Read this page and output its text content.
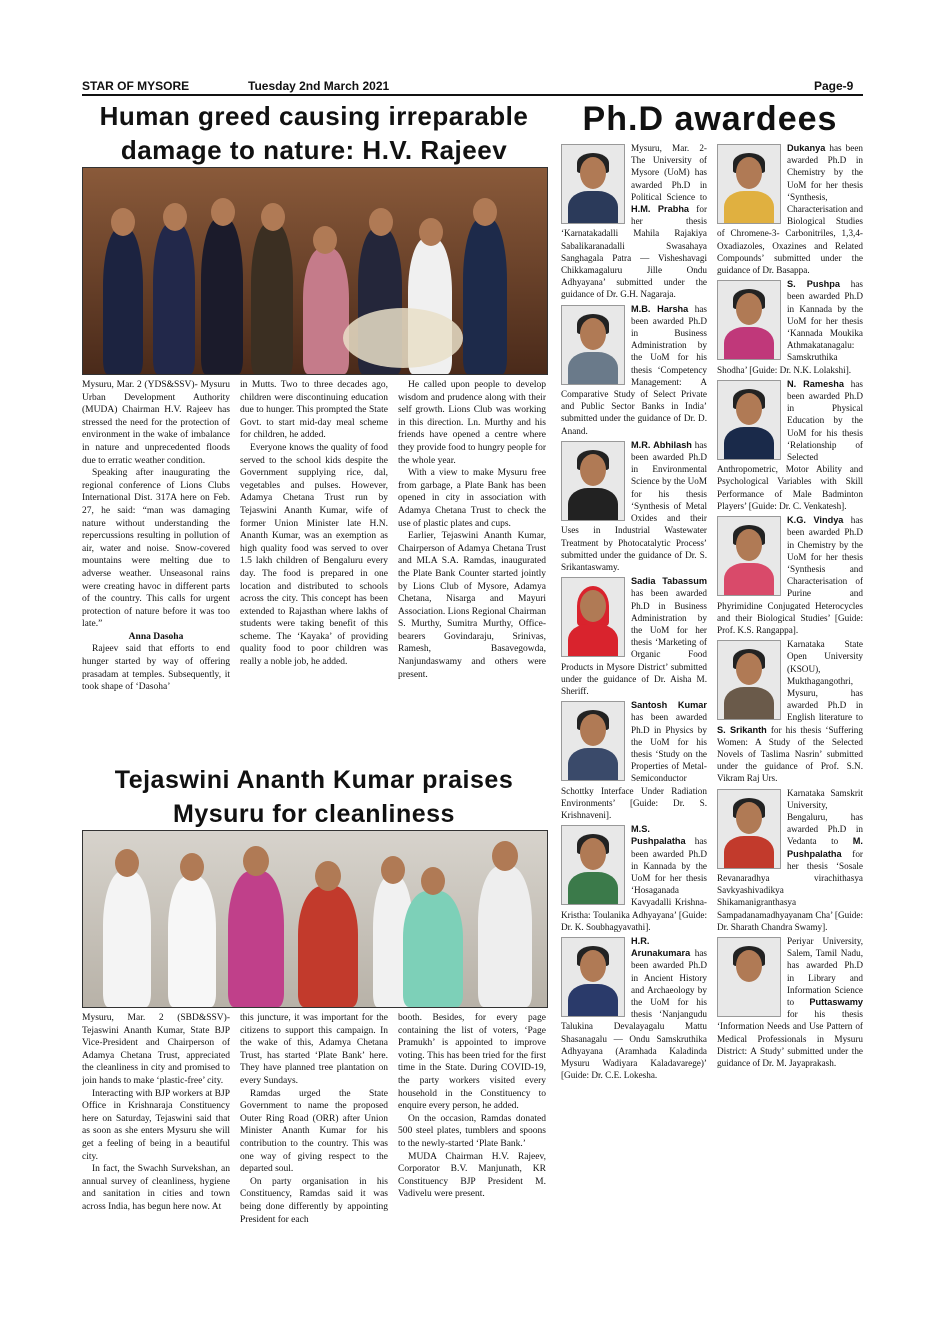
STAR OF MYSORE	Tuesday 2nd March 2021	Page-9
Human greed causing irreparable
damage to nature: H.V. Rajeev

Mysuru, Mar. 2 (YDS&SSV)- Mysuru Urban Development Authority (MUDA) Chairman H.V. Rajeev has stressed the need for the protection of environment in the wake of imbalance in nature and unprecedented floods due to erratic weather condition.

Speaking after inaugurating the regional conference of Lions Clubs International Dist. 317A here on Feb. 27, he said: “man was damaging nature without understanding the repercussions resulting in pollution of air, water and noise. Snow-covered mountains were melting due to adverse weather. Unseasonal rains were creating havoc in different parts of the country. This calls for urgent protection of nature before it was too late.”

Anna Dasoha

Rajeev said that efforts to end hunger started by way of offering prasadam at temples. Subsequently, it took shape of ‘Dasoha’

in Mutts. Two to three decades ago, children were discontinuing education due to hunger. This prompted the State Govt. to start mid-day meal scheme for children, he added.

Everyone knows the quality of food served to the school kids despite the Government supplying rice, dal, vegetables and pulses. However, Adamya Chetana Trust run by Tejaswini Ananth Kumar, wife of former Union Minister late H.N. Ananth Kumar, was an exemption as high quality food was served to over 1.5 lakh children of Bengaluru every day. The food is prepared in one location and distributed to schools across the city. This concept has been extended to Rajasthan where lakhs of students were taking benefit of this scheme. The ‘Kayaka’ of providing quality food to poor children was really a noble job, he added.

He called upon people to develop wisdom and prudence along with their self growth. Lions Club was working in this direction. Ln. Murthy and his friends have opened a centre where they provide food to hungry people for the whole year.

With a view to make Mysuru free from garbage, a Plate Bank has been opened in city in association with Adamya Chetana Trust to check the use of plastic plates and cups.

Earlier, Tejaswini Ananth Kumar, Chairperson of Adamya Chetana Trust and MLA S.A. Ramdas, inaugurated the Plate Bank Counter started jointly by Lions Club of Mysore, Adamya Chetana, Nisarga and Mayuri Association. Lions Regional Chairman S. Murthy, Sumitra Murthy, Office-bearers Govindaraju, Srinivas, Ramesh, Basavegowda, Nanjundaswamy and others were present.

Tejaswini Ananth Kumar praises
Mysuru for cleanliness

Mysuru, Mar. 2 (SBD&SSV)- Tejaswini Ananth Kumar, State BJP Vice-President and Chairperson of Adamya Chetana Trust, appreciated the cleanliness in city and promised to join hands to make ‘plastic-free’ city.

Interacting with BJP workers at BJP Office in Krishnaraja Constituency here on Saturday, Tejaswini said that as soon as she enters Mysuru she will get a feeling of being in a beautiful city.

In fact, the Swachh Survekshan, an annual survey of cleanliness, hygiene and sanitation in cities and town across India, has begun here now. At

this juncture, it was important for the citizens to support this campaign. In the wake of this, Adamya Chetana Trust, has started ‘Plate Bank’ here. They have planned tree plantation on every Sundays.

Ramdas urged the State Government to name the proposed Outer Ring Road (ORR) after Union Minister Ananth Kumar for his contribution to the country. This was one way of giving respect to the departed soul.

On party organisation in his Constituency, Ramdas said it was being done differently by appointing President for each

booth. Besides, for every page containing the list of voters, ‘Page Pramukh’ is appointed to improve voting. This has been tried for the first time in the State. During COVID-19, the party workers visited every household in the Constituency to enquire every person, he added.

On the occasion, Ramdas donated 500 steel plates, tumblers and spoons to the newly-started ‘Plate Bank.’

MUDA Chairman H.V. Rajeev, Corporator B.V. Manjunath, KR Constituency BJP President M. Vadivelu were present.

Ph.D awardees
Mysuru, Mar. 2- The University of Mysore (UoM) has awarded Ph.D in Political Science to H.M. Prabha for her thesis ‘Karnatakadalli Mahila Rajakiya Sabalikaranadalli Swasahaya Sanghagala Patra — Visheshavagi Chikkamagaluru Jille Ondu Adhyayana’ submitted under the guidance of Dr. G.H. Nagaraja.
M.B. Harsha has been awarded Ph.D in Business Administration by the UoM for his thesis ‘Competency Management: A Comparative Study of Select Private and Public Sector Banks in India’ submitted under the guidance of Dr. D. Anand.
M.R. Abhilash has been awarded Ph.D in Environmental Science by the UoM for his thesis ‘Synthesis of Metal Oxides and their Uses in Industrial Wastewater Treatment by Photocatalytic Process’ submitted under the guidance of Dr. S. Srikantaswamy.
Sadia Tabassum has been awarded Ph.D in Business Administration by the UoM for her thesis ‘Marketing of Organic Food Products in Mysore District’ submitted under the guidance of Dr. Aisha M. Sheriff.
Santosh Kumar has been awarded Ph.D in Physics by the UoM for his thesis ‘Study on the Properties of Metal-Semiconductor Schottky Interface Under Radiation Environments’ [Guide: Dr. S. Krishnaveni].
M.S. Pushpalatha has been awarded Ph.D in Kannada by the UoM for her thesis ‘Hosaganada Kavyadalli Krishna-Kristha: Toulanika Adhyayana’ [Guide: Dr. K. Soubhagyavathi].
H.R. Arunakumara has been awarded Ph.D in Ancient History and Archaeology by the UoM for his thesis ‘Nanjangudu Talukina Devalayagalu Mattu Shasanagalu — Ondu Samskruthika Adhyayana (Aramhada Kaladinda Mysuru Wadiyara Kaladavarege)’ [Guide: Dr. C.E. Lokesha.
Dukanya has been awarded Ph.D in Chemistry by the UoM for her thesis ‘Synthesis, Characterisation and Biological Studies of Chromene-3- Carbonitriles, 1,3,4-Oxadiazoles, Oxazines and Related Compounds’ submitted under the guidance of Dr. Basappa.
S. Pushpa has been awarded Ph.D in Kannada by the UoM for her thesis ‘Kannada Moukika Athmakatanagalu: Samskruthika Shodha’ [Guide: Dr. N.K. Lolakshi].
N. Ramesha has been awarded Ph.D in Physical Education by the UoM for his thesis ‘Relationship of Selected Anthropometric, Motor Ability and Psychological Variables with Skill Performance of Male Badminton Players’ [Guide: Dr. C. Venkatesh].
K.G. Vindya has been awarded Ph.D in Chemistry by the UoM for her thesis ‘Synthesis and Characterisation of Purine and Phyrimidine Conjugated Heterocycles and their Biological Studies’ [Guide: Prof. K.S. Rangappa].
Karnataka State Open University (KSOU), Mukthagangothri, Mysuru, has awarded Ph.D in English literature to S. Srikanth for his thesis ‘Suffering Women: A Study of the Selected Novels of Taslima Nasrin’ submitted under the guidance of Prof. S.N. Vikram Raj Urs.
Karnataka Samskrit University, Bengaluru, has awarded Ph.D in Vedanta to M. Pushpalatha for her thesis ‘Sosale Revanaradhya virachithasya Savkyashivadikya Shikamanigranthasya Sampadanamadhyayanam Cha’ [Guide: Dr. Sharath Chandra Swamy].
Periyar University, Salem, Tamil Nadu, has awarded Ph.D in Library and Information Science to Puttaswamy for his thesis ‘Information Needs and Use Pattern of Medical Professionals in Mysuru District: A Study’ submitted under the guidance of Dr. M. Jayaprakash.
